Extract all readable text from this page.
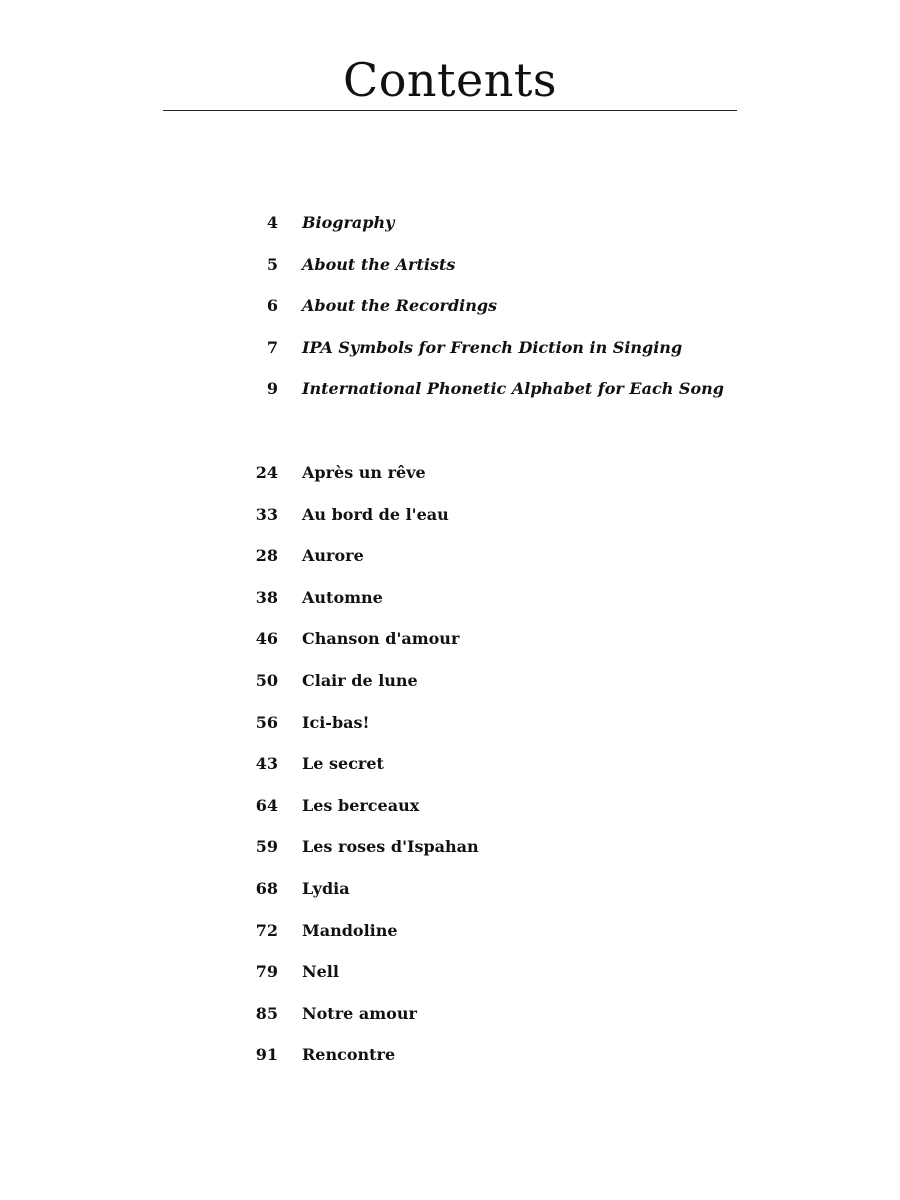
Contents
4 Biography
5 About the Artists
6 About the Recordings
7 IPA Symbols for French Diction in Singing
9 International Phonetic Alphabet for Each Song
24 Après un rêve
33 Au bord de l'eau
28 Aurore
38 Automne
46 Chanson d'amour
50 Clair de lune
56 Ici-bas!
43 Le secret
64 Les berceaux
59 Les roses d'Ispahan
68 Lydia
72 Mandoline
79 Nell
85 Notre amour
91 Rencontre
